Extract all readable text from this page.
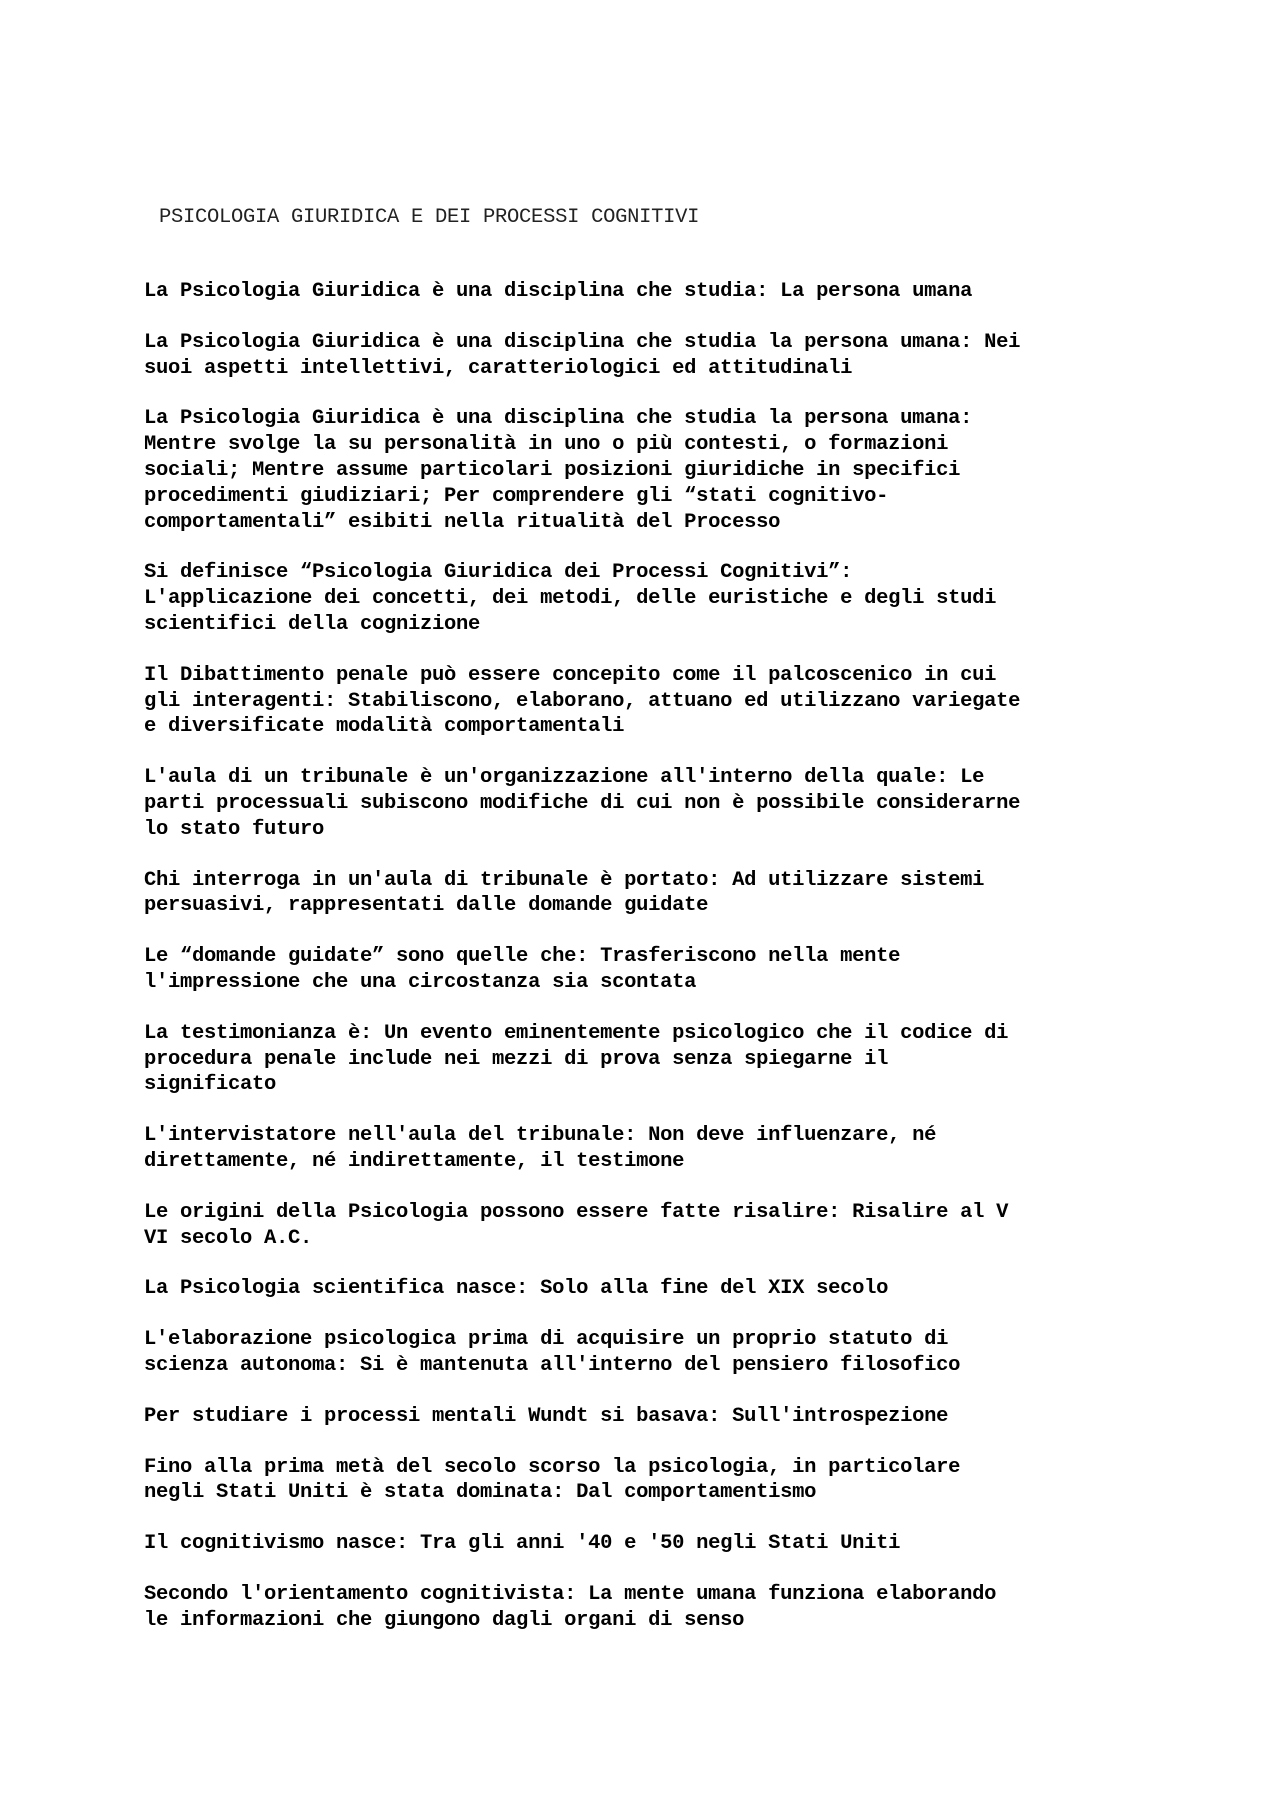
PSICOLOGIA GIURIDICA E DEI PROCESSI COGNITIVI
La Psicologia Giuridica è una disciplina che studia: La persona umana
La Psicologia Giuridica è una disciplina che studia la persona umana: Nei
suoi aspetti intellettivi, caratteriologici ed attitudinali
La Psicologia Giuridica è una disciplina che studia la persona umana:
Mentre svolge la su personalità in uno o più contesti, o formazioni
sociali; Mentre assume particolari posizioni giuridiche in specifici
procedimenti giudiziari; Per comprendere gli “stati cognitivo-
comportamentali” esibiti nella ritualità del Processo
Si definisce “Psicologia Giuridica dei Processi Cognitivi”:
L'applicazione dei concetti, dei metodi, delle euristiche e degli studi
scientifici della cognizione
Il Dibattimento penale può essere concepito come il palcoscenico in cui
gli interagenti: Stabiliscono, elaborano, attuano ed utilizzano variegate
e diversificate modalità comportamentali
L'aula di un tribunale è un'organizzazione all'interno della quale: Le
parti processuali subiscono modifiche di cui non è possibile considerarne
lo stato futuro
Chi interroga in un'aula di tribunale è portato: Ad utilizzare sistemi
persuasivi, rappresentati dalle domande guidate
Le “domande guidate” sono quelle che: Trasferiscono nella mente
l'impressione che una circostanza sia scontata
La testimonianza è: Un evento eminentemente psicologico che il codice di
procedura penale include nei mezzi di prova senza spiegarne il
significato
L'intervistatore nell'aula del tribunale: Non deve influenzare, né
direttamente, né indirettamente, il testimone
Le origini della Psicologia possono essere fatte risalire: Risalire al V
VI secolo A.C.
La Psicologia scientifica nasce: Solo alla fine del XIX secolo
L'elaborazione psicologica prima di acquisire un proprio statuto di
scienza autonoma: Si è mantenuta all'interno del pensiero filosofico
Per studiare i processi mentali Wundt si basava: Sull'introspezione
Fino alla prima metà del secolo scorso la psicologia, in particolare
negli Stati Uniti è stata dominata: Dal comportamentismo
Il cognitivismo nasce: Tra gli anni '40 e '50 negli Stati Uniti
Secondo l'orientamento cognitivista: La mente umana funziona elaborando
le informazioni che giungono dagli organi di senso
